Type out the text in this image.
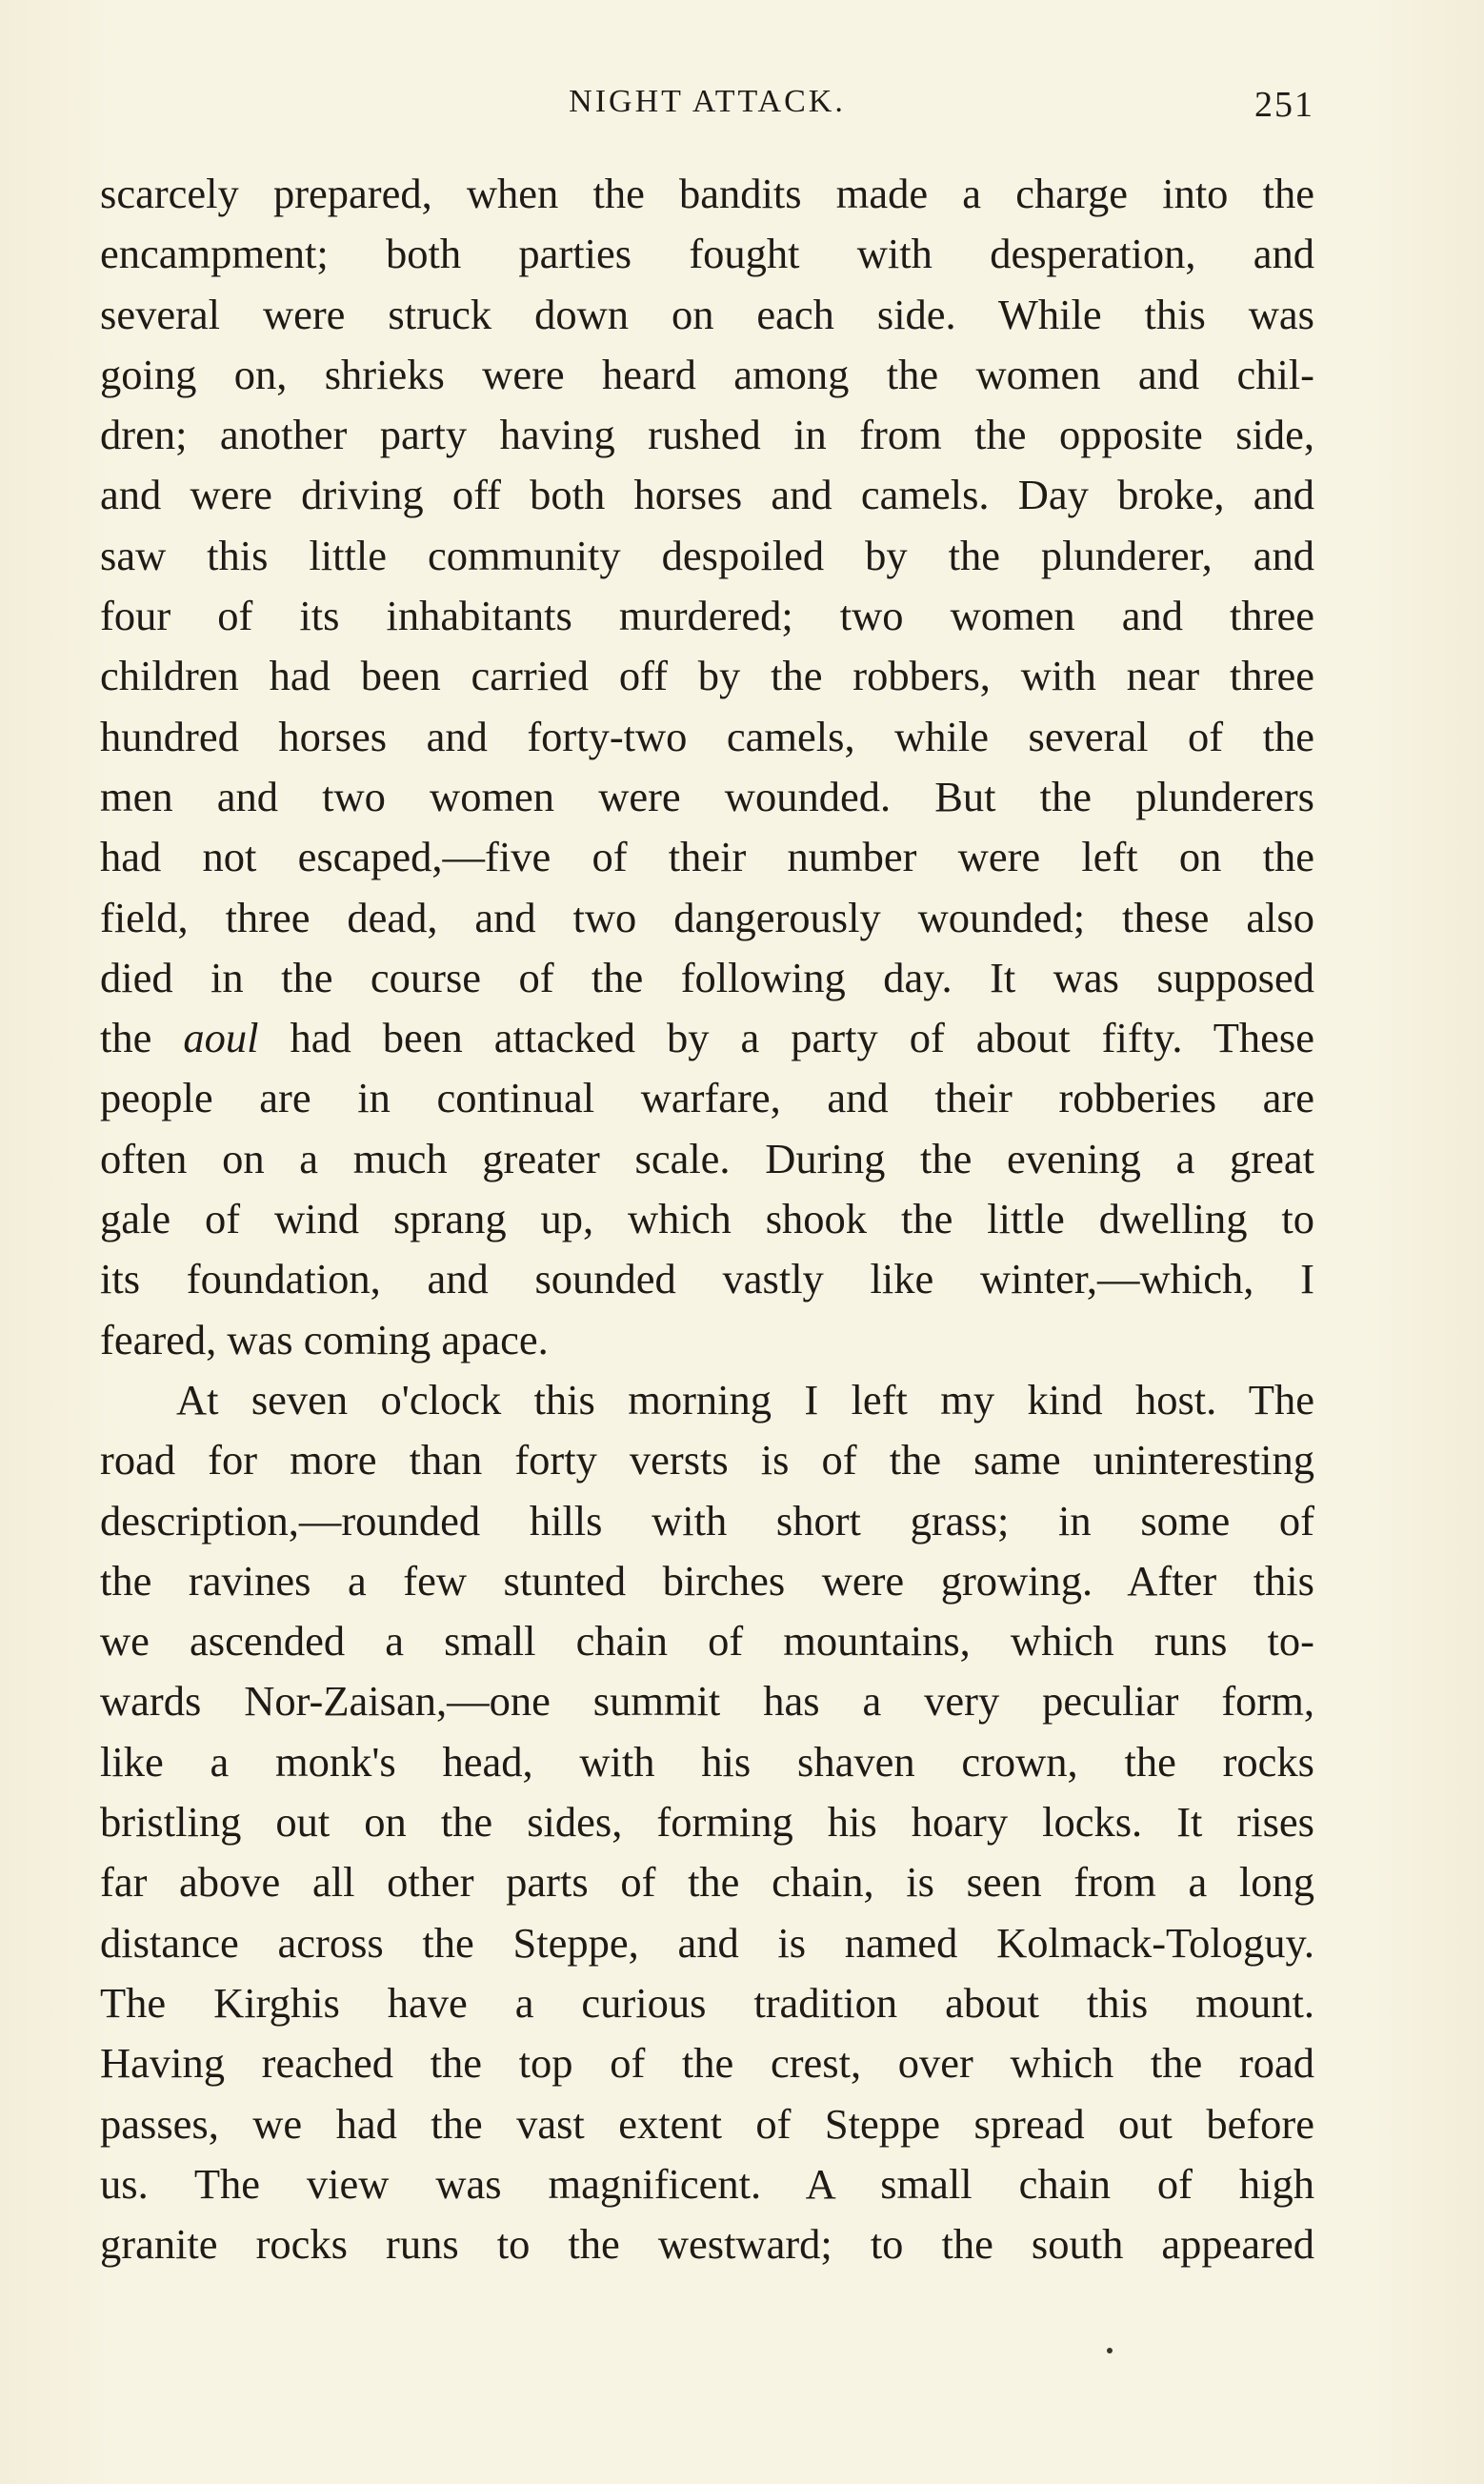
NIGHT ATTACK.	251
scarcely prepared, when the bandits made a charge into the
encampment; both parties fought with desperation, and
several were struck down on each side. While this was
going on, shrieks were heard among the women and chil-
dren; another party having rushed in from the opposite side,
and were driving off both horses and camels. Day broke, and
saw this little community despoiled by the plunderer, and
four of its inhabitants murdered; two women and three
children had been carried off by the robbers, with near three
hundred horses and forty-two camels, while several of the
men and two women were wounded. But the plunderers
had not escaped,—five of their number were left on the
field, three dead, and two dangerously wounded; these also
died in the course of the following day. It was supposed
the aoul had been attacked by a party of about fifty. These
people are in continual warfare, and their robberies are
often on a much greater scale. During the evening a great
gale of wind sprang up, which shook the little dwelling to
its foundation, and sounded vastly like winter,—which, I
feared, was coming apace.
At seven o'clock this morning I left my kind host. The
road for more than forty versts is of the same uninteresting
description,—rounded hills with short grass; in some of
the ravines a few stunted birches were growing. After this
we ascended a small chain of mountains, which runs to-
wards Nor-Zaisan,—one summit has a very peculiar form,
like a monk's head, with his shaven crown, the rocks
bristling out on the sides, forming his hoary locks. It rises
far above all other parts of the chain, is seen from a long
distance across the Steppe, and is named Kolmack-Tologuy.
The Kirghis have a curious tradition about this mount.
Having reached the top of the crest, over which the road
passes, we had the vast extent of Steppe spread out before
us. The view was magnificent. A small chain of high
granite rocks runs to the westward; to the south appeared
